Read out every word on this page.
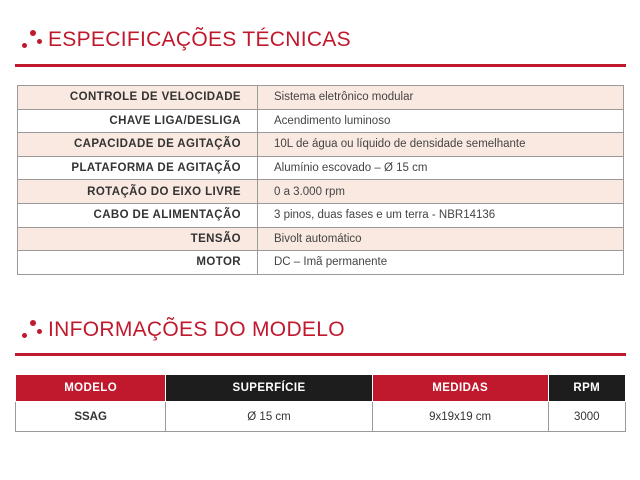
ESPECIFICAÇÕES TÉCNICAS
CONTROLE DE VELOCIDADE	Sistema eletrônico modular
CHAVE LIGA/DESLIGA	Acendimento luminoso
CAPACIDADE DE AGITAÇÃO	10L de água ou líquido de densidade semelhante
PLATAFORMA DE AGITAÇÃO	Alumínio escovado – Ø 15 cm
ROTAÇÃO DO EIXO LIVRE	0 a 3.000 rpm
CABO DE ALIMENTAÇÃO	3 pinos, duas fases e um terra - NBR14136
TENSÃO	Bivolt automático
MOTOR	DC – Imã permanente
INFORMAÇÕES DO MODELO
MODELO	SUPERFÍCIE	MEDIDAS	RPM
SSAG	Ø 15 cm	9x19x19 cm	3000
